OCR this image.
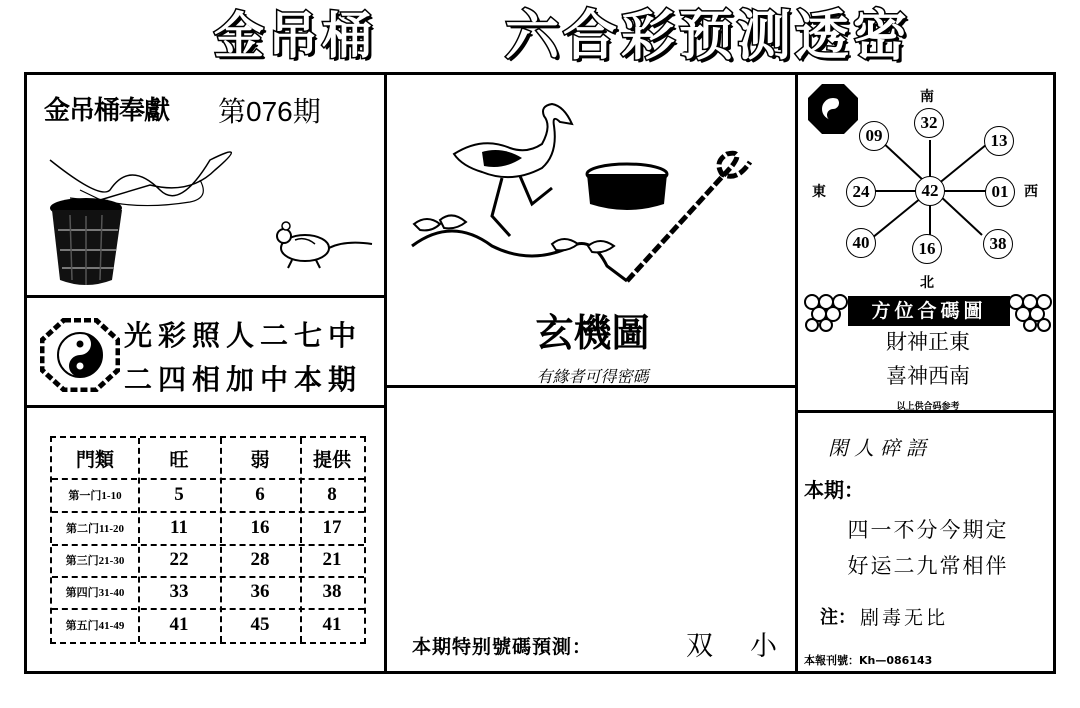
金吊桶	六合彩预测透密
金吊桶奉獻 第076期
光彩照人二七中
二四相加中本期
門類	旺	弱	提供
第一门1-10	5	6	8
第二门11-20	11	16	17
第三门21-30	22	28	21
第四门31-40	33	36	38
第五门41-49	41	45	41
玄機圖
有緣者可得密碼
本期特别號碼預測：	双 小
南
北
東	西
42
32
09	13
24	01
40	16	38
方位合碼圖
財神正東
喜神西南
以上供合码参考
閑人碎語
本期：
四一不分今期定
好运二九常相伴
注： 剧毒无比
本報刊號：Kh—086143
